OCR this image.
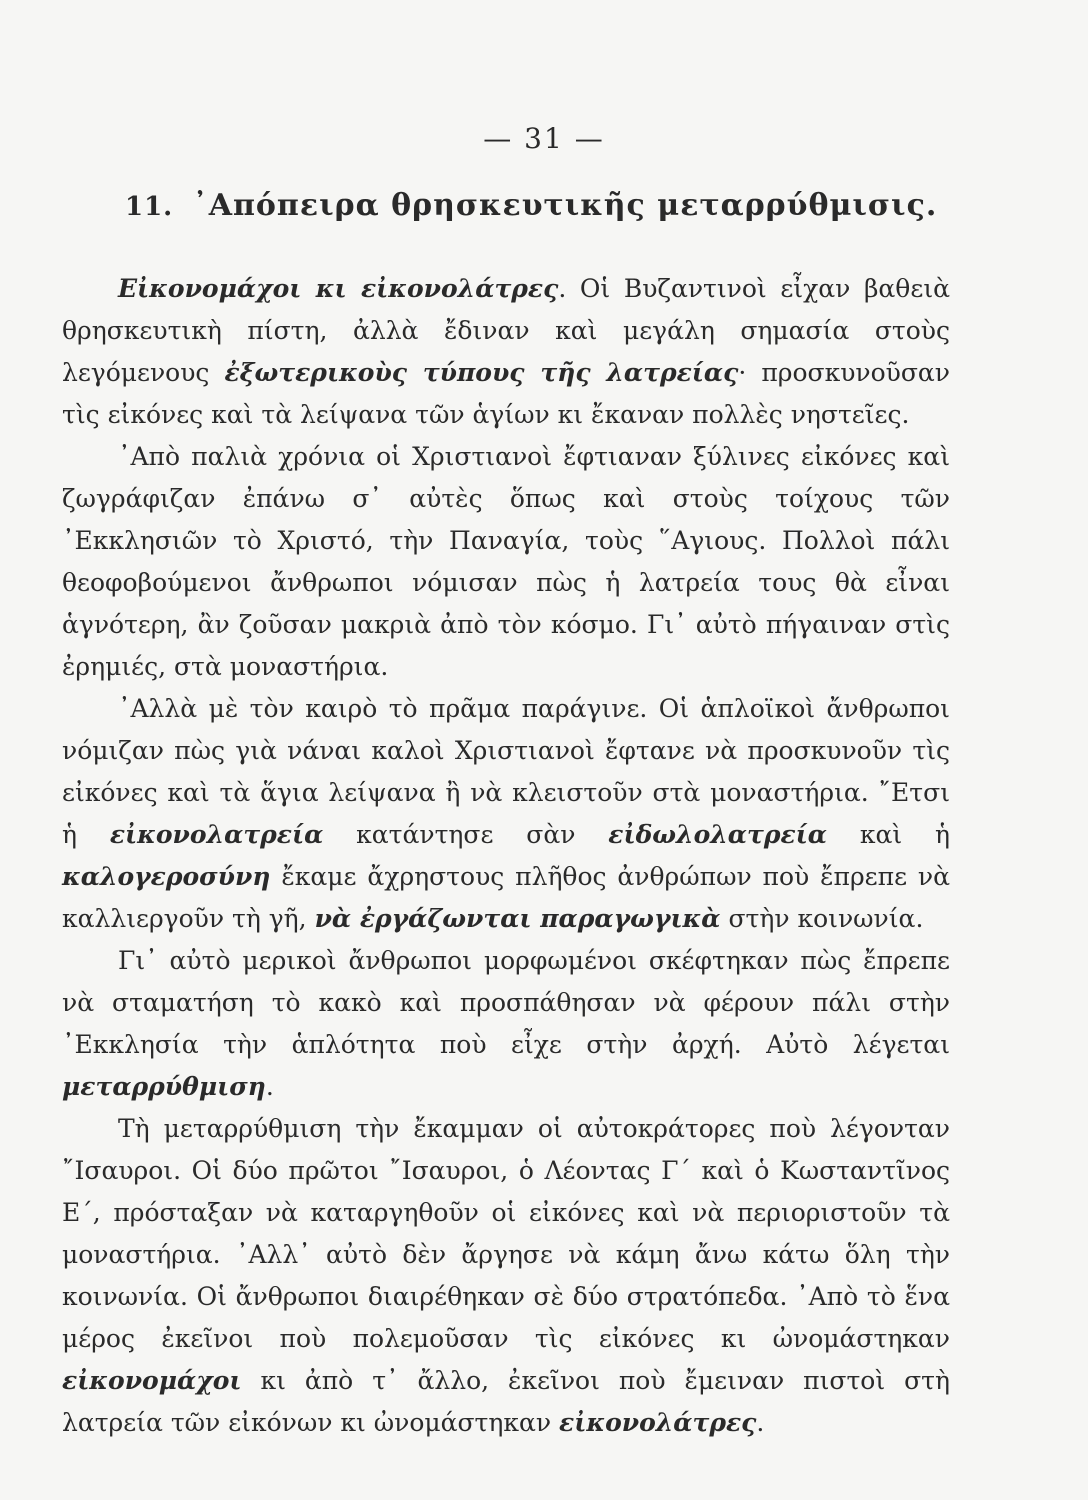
— 31 —
11. ᾿Απόπειρα θρησκευτικῆς μεταρρύθμισις.

Εἰκονομάχοι κι εἰκονολάτρες. Οἱ Βυζαντινοὶ εἶχαν βαθειὰ θρησκευτικὴ πίστη, ἀλλὰ ἔδιναν καὶ μεγάλη σημασία στοὺς λεγόμενους ἐξωτερικοὺς τύπους τῆς λατρείας· προσκυνοῦσαν τὶς εἰκόνες καὶ τὰ λείψανα τῶν ἁγίων κι ἔκαναν πολλὲς νηστεῖες.

᾿Απὸ παλιὰ χρόνια οἱ Χριστιανοὶ ἔφτιαναν ξύλινες εἰκόνες καὶ ζωγράφιζαν ἐπάνω σ᾿ αὐτὲς ὅπως καὶ στοὺς τοίχους τῶν ᾿Εκκλησιῶν τὸ Χριστό, τὴν Παναγία, τοὺς ῞Αγιους. Πολλοὶ πάλι θεοφοβούμενοι ἄνθρωποι νόμισαν πὼς ἡ λατρεία τους θὰ εἶναι ἁγνότερη, ἂν ζοῦσαν μακριὰ ἀπὸ τὸν κόσμο. Γι᾿ αὐτὸ πήγαιναν στὶς ἐρημιές, στὰ μοναστήρια.

᾿Αλλὰ μὲ τὸν καιρὸ τὸ πρᾶμα παράγινε. Οἱ ἁπλοϊκοὶ ἄνθρωποι νόμιζαν πὼς γιὰ νάναι καλοὶ Χριστιανοὶ ἔφτανε νὰ προσκυνοῦν τὶς εἰκόνες καὶ τὰ ἅγια λείψανα ἢ νὰ κλειστοῦν στὰ μοναστήρια. ῎Ετσι ἡ εἰκονολατρεία κατάντησε σὰν εἰδωλολατρεία καὶ ἡ καλογεροσύνη ἔκαμε ἄχρηστους πλῆθος ἀνθρώπων ποὺ ἔπρεπε νὰ καλλιεργοῦν τὴ γῆ, νὰ ἐργάζωνται παραγωγικὰ στὴν κοινωνία.

Γι᾿ αὐτὸ μερικοὶ ἄνθρωποι μορφωμένοι σκέφτηκαν πὼς ἔπρεπε νὰ σταματήση τὸ κακὸ καὶ προσπάθησαν νὰ φέρουν πάλι στὴν ᾿Εκκλησία τὴν ἁπλότητα ποὺ εἶχε στὴν ἀρχή. Αὐτὸ λέγεται μεταρρύθμιση.

Τὴ μεταρρύθμιση τὴν ἔκαμμαν οἱ αὐτοκράτορες ποὺ λέγονταν ῎Ισαυροι. Οἱ δύο πρῶτοι ῎Ισαυροι, ὁ Λέοντας Γ΄ καὶ ὁ Κωσταντῖνος Ε΄, πρόσταξαν νὰ καταργηθοῦν οἱ εἰκόνες καὶ νὰ περιοριστοῦν τὰ μοναστήρια. ᾿Αλλ᾿ αὐτὸ δὲν ἄργησε νὰ κάμη ἄνω κάτω ὅλη τὴν κοινωνία. Οἱ ἄνθρωποι διαιρέθηκαν σὲ δύο στρατόπεδα. ᾿Απὸ τὸ ἕνα μέρος ἐκεῖνοι ποὺ πολεμοῦσαν τὶς εἰκόνες κι ὠνομάστηκαν εἰκονομάχοι κι ἀπὸ τ᾿ ἄλλο, ἐκεῖνοι ποὺ ἔμειναν πιστοὶ στὴ λατρεία τῶν εἰκόνων κι ὠνομάστηκαν εἰκονολάτρες.
